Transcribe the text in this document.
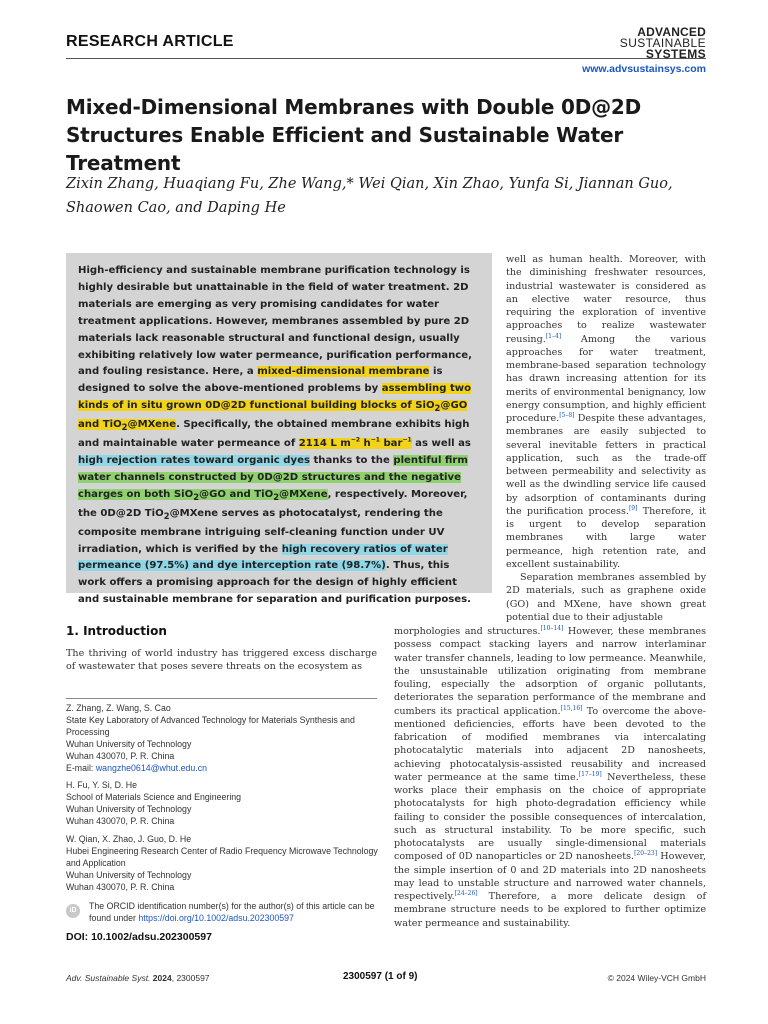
RESEARCH ARTICLE
ADVANCED
SUSTAINABLE
SYSTEMS
www.advsustainsys.com
Mixed-Dimensional Membranes with Double 0D@2D Structures Enable Efficient and Sustainable Water Treatment
Zixin Zhang, Huaqiang Fu, Zhe Wang,* Wei Qian, Xin Zhao, Yunfa Si, Jiannan Guo, Shaowen Cao, and Daping He
High-efficiency and sustainable membrane purification technology is highly desirable but unattainable in the field of water treatment. 2D materials are emerging as very promising candidates for water treatment applications. However, membranes assembled by pure 2D materials lack reasonable structural and functional design, usually exhibiting relatively low water permeance, purification performance, and fouling resistance. Here, a mixed-dimensional membrane is designed to solve the above-mentioned problems by assembling two kinds of in situ grown 0D@2D functional building blocks of SiO$_2$@GO and TiO$_2$@MXene. Specifically, the obtained membrane exhibits high and maintainable water permeance of 2114 L $m^{-2}$ $h^{-1}$ bar$^{-1}$ as well as high rejection rates toward organic dyes thanks to the plentiful firm water channels constructed by 0D@2D structures and the negative charges on both SiO$_2$@GO and TiO$_2$@MXene, respectively. Moreover, the 0D@2D TiO$_2$@MXene serves as photocatalyst, rendering the composite membrane intriguing self-cleaning function under UV irradiation, which is verified by the high recovery ratios of water permeance (97.5%) and dye interception rate (98.7%). Thus, this work offers a promising approach for the design of highly efficient and sustainable membrane for separation and purification purposes.
well as human health. Moreover, with the diminishing freshwater resources, industrial wastewater is considered as an elective water resource, thus requiring the exploration of inventive approaches to realize wastewater reusing.[1–4] Among the various approaches for water treatment, membrane-based separation technology has drawn increasing attention for its merits of environmental benignancy, low energy consumption, and highly efficient procedure.[5–8] Despite these advantages, membranes are easily subjected to several inevitable fetters in practical application, such as the trade-off between permeability and selectivity as well as the dwindling service life caused by adsorption of contaminants during the purification process.[9] Therefore, it is urgent to develop separation membranes with large water permeance, high retention rate, and excellent sustainability.
Separation membranes assembled by 2D materials, such as graphene oxide (GO) and MXene, have shown great potential due to their adjustable
morphologies and structures.[10–14] However, these membranes possess compact stacking layers and narrow interlaminar water transfer channels, leading to low permeance. Meanwhile, the unsustainable utilization originating from membrane fouling, especially the adsorption of organic pollutants, deteriorates the separation performance of the membrane and cumbers its practical application.[15,16] To overcome the above-mentioned deficiencies, efforts have been devoted to the fabrication of modified membranes via intercalating photocatalytic materials into adjacent 2D nanosheets, achieving photocatalysis-assisted reusability and increased water permeance at the same time.[17–19] Nevertheless, these works place their emphasis on the choice of appropriate photocatalysts for high photo-degradation efficiency while failing to consider the possible consequences of intercalation, such as structural instability. To be more specific, such photocatalysts are usually single-dimensional materials composed of 0D nanoparticles or 2D nanosheets.[20–23] However, the simple insertion of 0 and 2D materials into 2D nanosheets may lead to unstable structure and narrowed water channels, respectively.[24–26] Therefore, a more delicate design of membrane structure needs to be explored to further optimize water permeance and sustainability.
1. Introduction
The thriving of world industry has triggered excess discharge of wastewater that poses severe threats on the ecosystem as
Z. Zhang, Z. Wang, S. Cao
State Key Laboratory of Advanced Technology for Materials Synthesis and Processing
Wuhan University of Technology
Wuhan 430070, P. R. China
E-mail: wangzhe0614@whut.edu.cn
H. Fu, Y. Si, D. He
School of Materials Science and Engineering
Wuhan University of Technology
Wuhan 430070, P. R. China
W. Qian, X. Zhao, J. Guo, D. He
Hubei Engineering Research Center of Radio Frequency Microwave Technology and Application
Wuhan University of Technology
Wuhan 430070, P. R. China
iD	The ORCID identification number(s) for the author(s) of this article can be found under https://doi.org/10.1002/adsu.202300597
DOI: 10.1002/adsu.202300597
Adv. Sustainable Syst. 2024, 2300597	2300597 (1 of 9)	© 2024 Wiley-VCH GmbH
